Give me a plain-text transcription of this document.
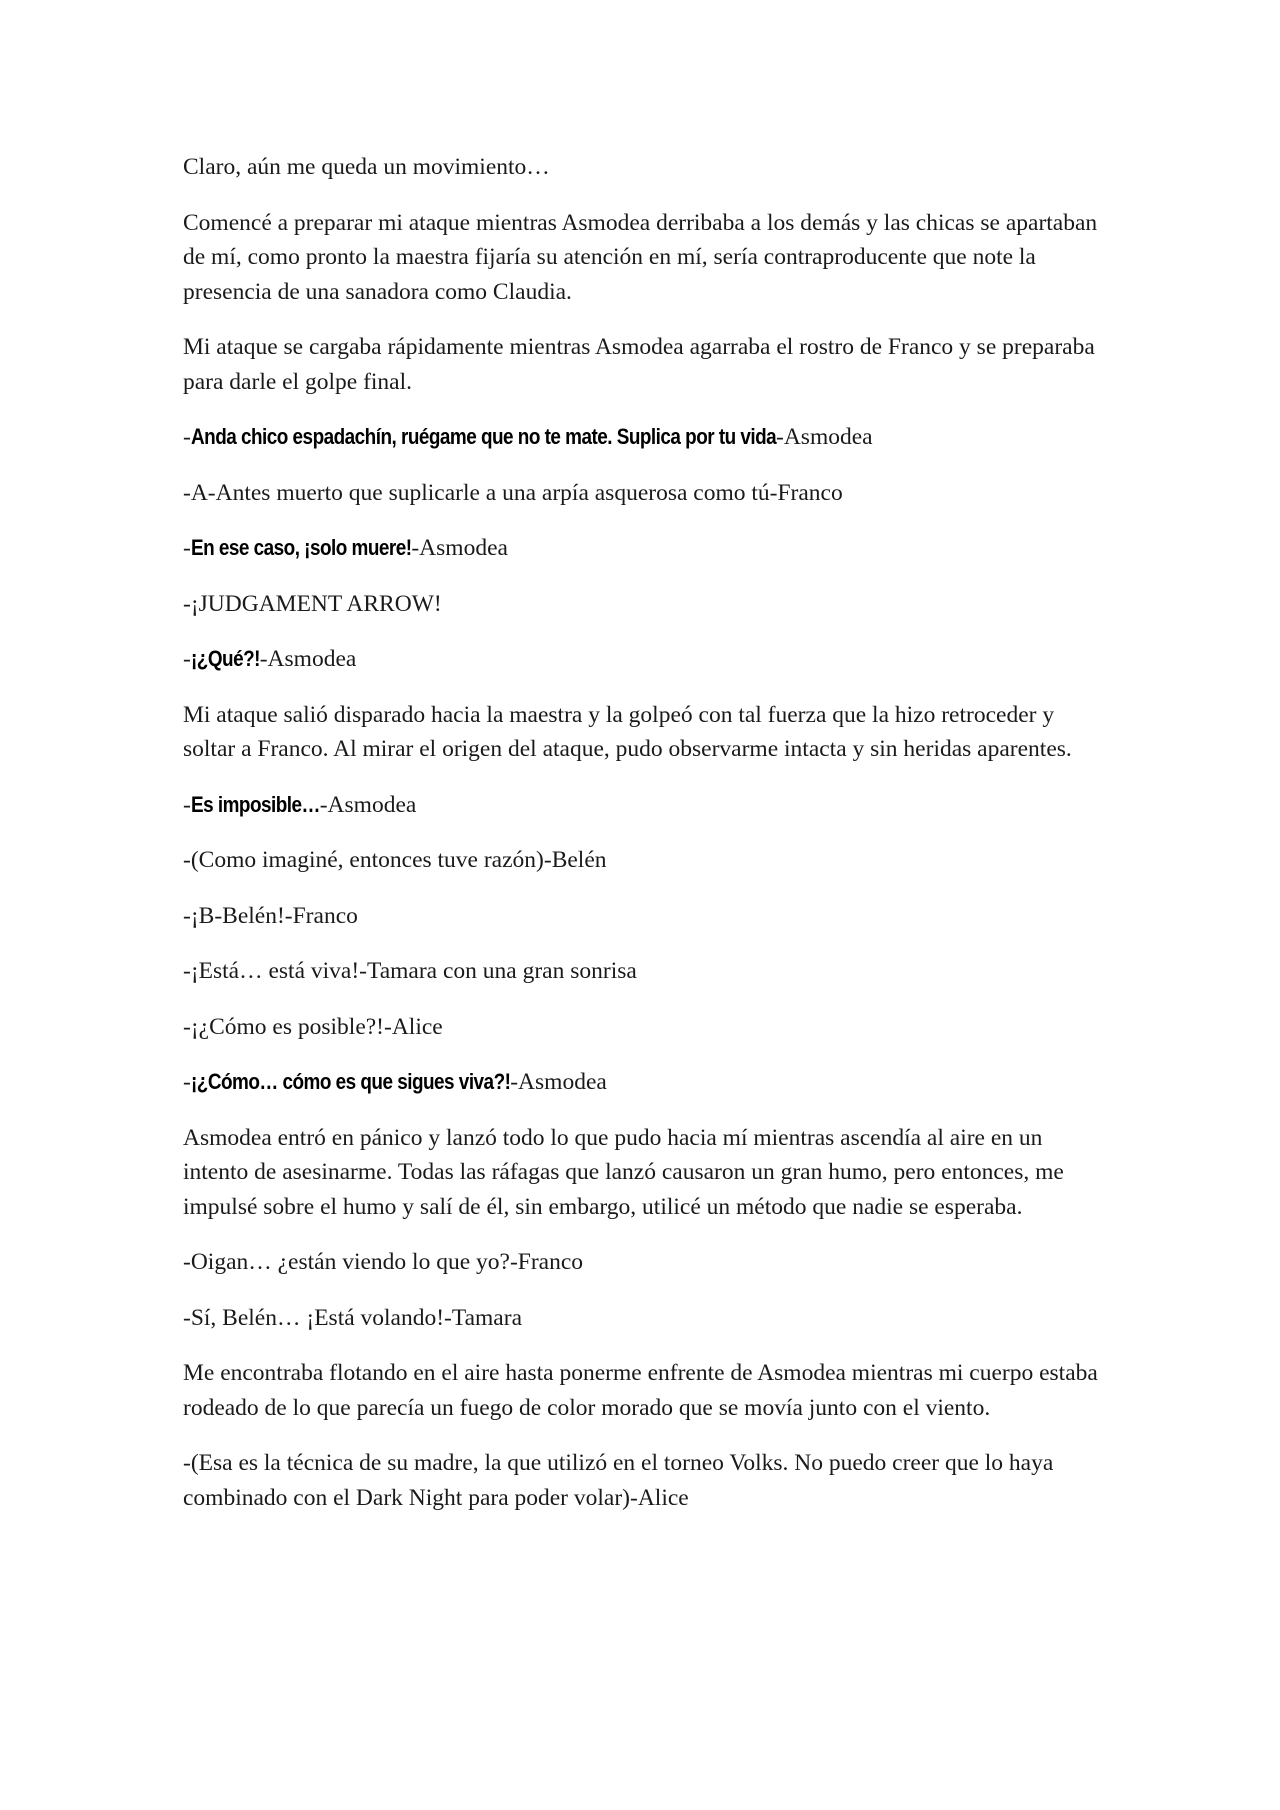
Claro, aún me queda un movimiento…

Comencé a preparar mi ataque mientras Asmodea derribaba a los demás y las chicas se apartaban de mí, como pronto la maestra fijaría su atención en mí, sería contraproducente que note la presencia de una sanadora como Claudia.

Mi ataque se cargaba rápidamente mientras Asmodea agarraba el rostro de Franco y se preparaba para darle el golpe final.

-Anda chico espadachín, ruégame que no te mate. Suplica por tu vida-Asmodea

-A-Antes muerto que suplicarle a una arpía asquerosa como tú-Franco

-En ese caso, ¡solo muere!-Asmodea

-¡JUDGAMENT ARROW!

-¡¿Qué?!-Asmodea

Mi ataque salió disparado hacia la maestra y la golpeó con tal fuerza que la hizo retroceder y soltar a Franco. Al mirar el origen del ataque, pudo observarme intacta y sin heridas aparentes.

-Es imposible…-Asmodea

-(Como imaginé, entonces tuve razón)-Belén

-¡B-Belén!-Franco

-¡Está… está viva!-Tamara con una gran sonrisa

-¡¿Cómo es posible?!-Alice

-¡¿Cómo… cómo es que sigues viva?!-Asmodea

Asmodea entró en pánico y lanzó todo lo que pudo hacia mí mientras ascendía al aire en un intento de asesinarme. Todas las ráfagas que lanzó causaron un gran humo, pero entonces, me impulsé sobre el humo y salí de él, sin embargo, utilicé un método que nadie se esperaba.

-Oigan… ¿están viendo lo que yo?-Franco

-Sí, Belén… ¡Está volando!-Tamara

Me encontraba flotando en el aire hasta ponerme enfrente de Asmodea mientras mi cuerpo estaba rodeado de lo que parecía un fuego de color morado que se movía junto con el viento.

-(Esa es la técnica de su madre, la que utilizó en el torneo Volks. No puedo creer que lo haya combinado con el Dark Night para poder volar)-Alice
